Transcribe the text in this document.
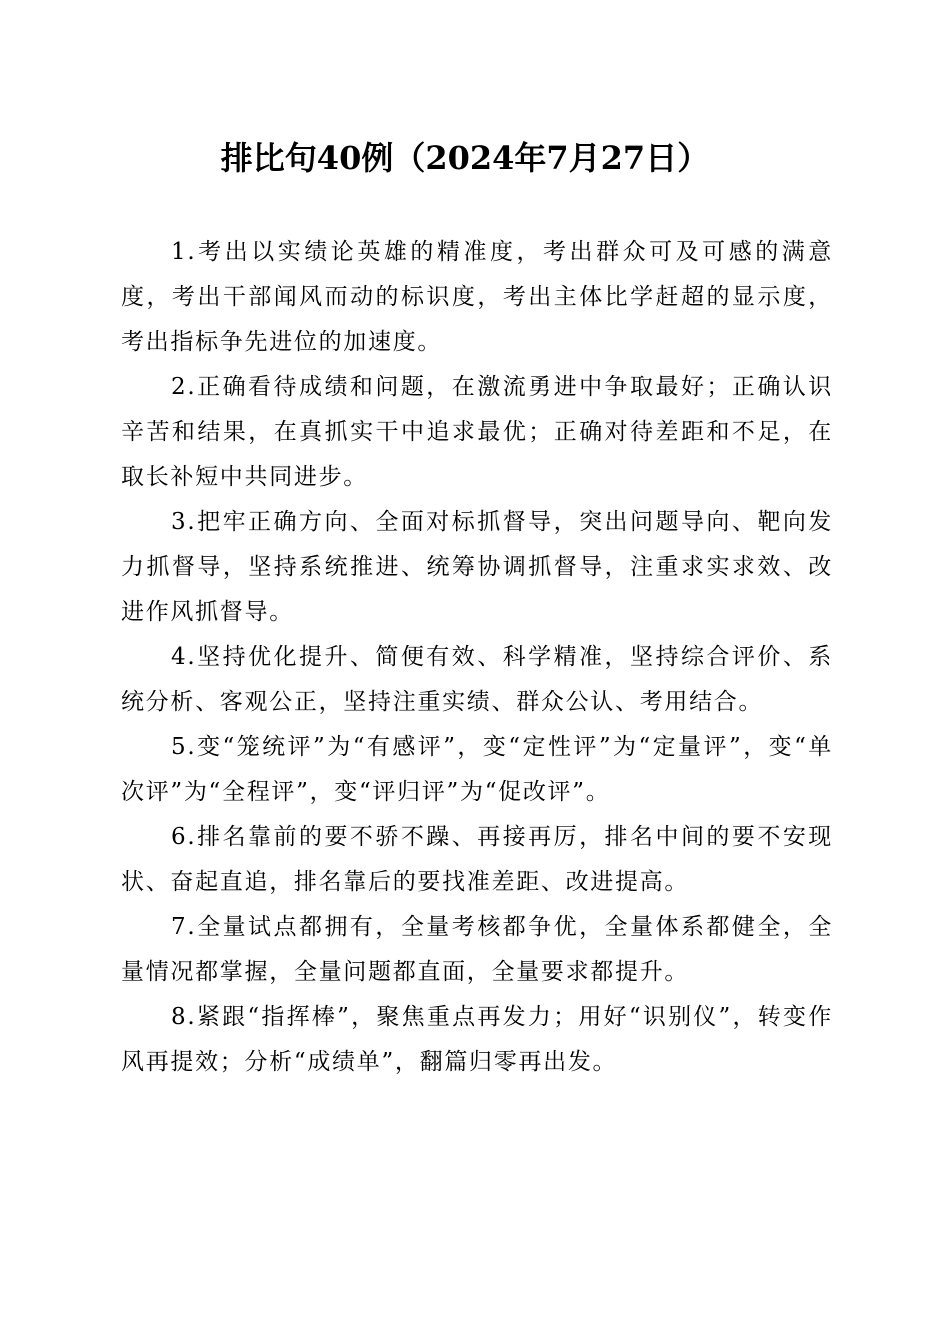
排比句40例（2024年7月27日）

1.考出以实绩论英雄的精准度，考出群众可及可感的满意度，考出干部闻风而动的标识度，考出主体比学赶超的显示度，考出指标争先进位的加速度。

2.正确看待成绩和问题，在激流勇进中争取最好；正确认识辛苦和结果，在真抓实干中追求最优；正确对待差距和不足，在取长补短中共同进步。

3.把牢正确方向、全面对标抓督导，突出问题导向、靶向发力抓督导，坚持系统推进、统筹协调抓督导，注重求实求效、改进作风抓督导。

4.坚持优化提升、简便有效、科学精准，坚持综合评价、系统分析、客观公正，坚持注重实绩、群众公认、考用结合。

5.变“笼统评”为“有感评”，变“定性评”为“定量评”，变“单次评”为“全程评”，变“评归评”为“促改评”。

6.排名靠前的要不骄不躁、再接再厉，排名中间的要不安现状、奋起直追，排名靠后的要找准差距、改进提高。

7.全量试点都拥有，全量考核都争优，全量体系都健全，全量情况都掌握，全量问题都直面，全量要求都提升。

8.紧跟“指挥棒”，聚焦重点再发力；用好“识别仪”，转变作风再提效；分析“成绩单”，翻篇归零再出发。
